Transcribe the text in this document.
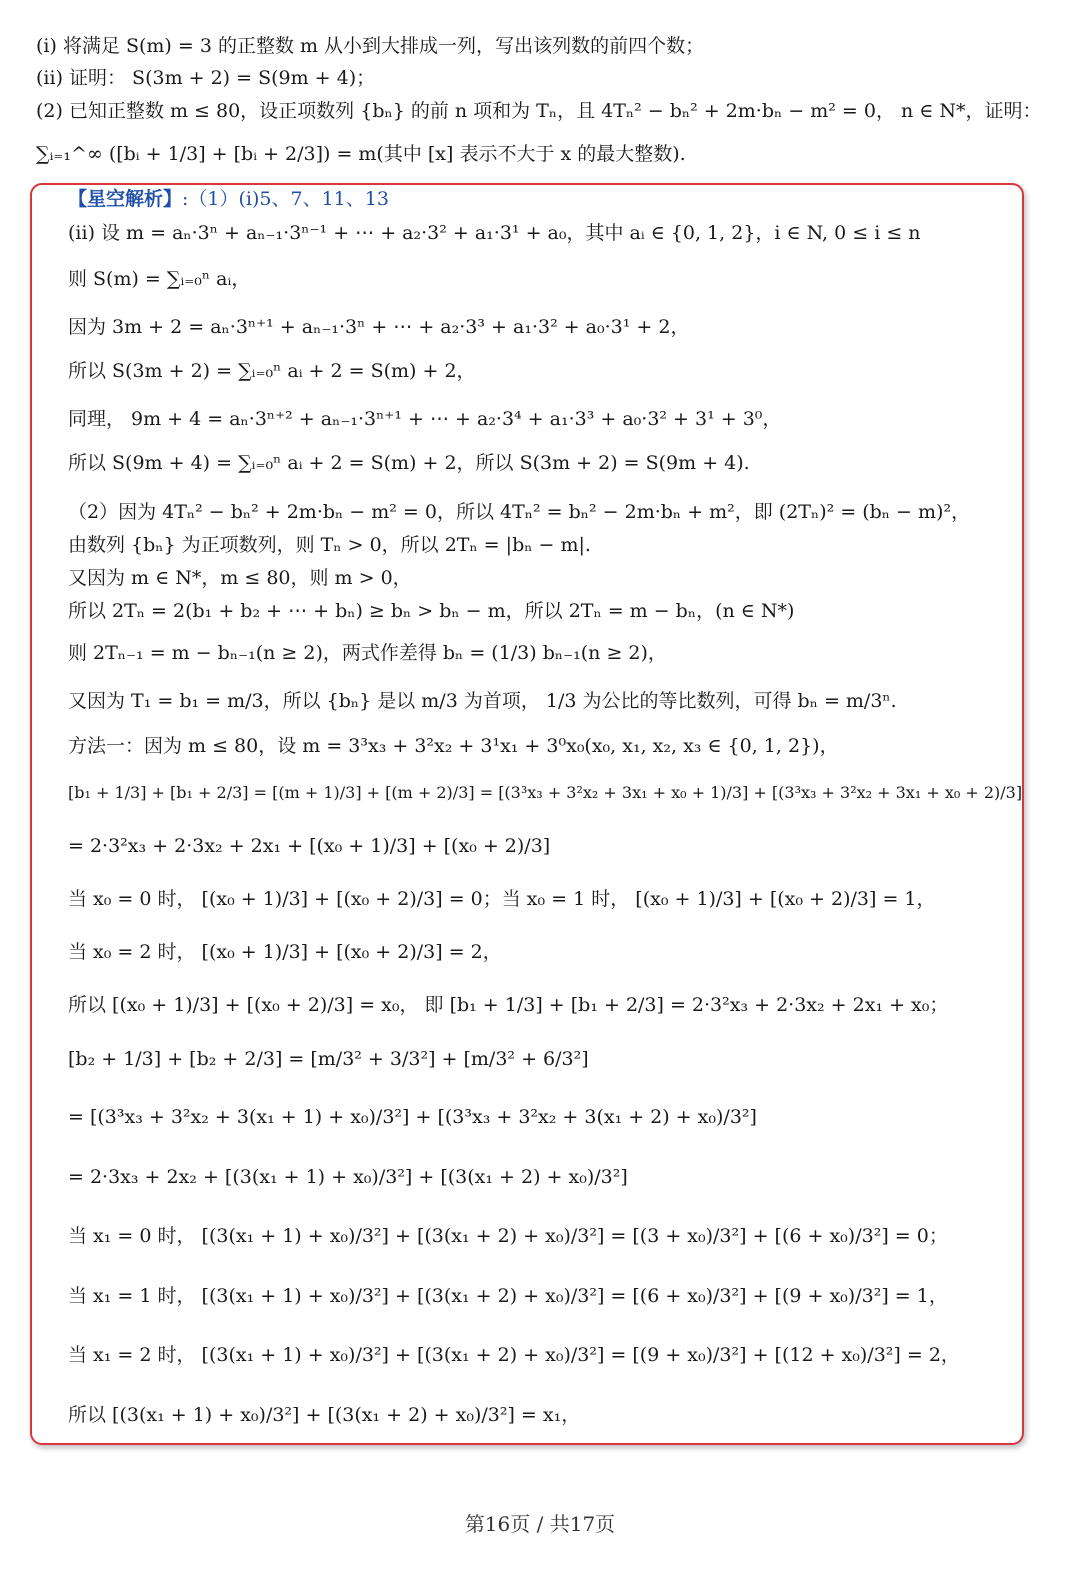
(i) 将满足 S(m) = 3 的正整数 m 从小到大排成一列，写出该列数的前四个数；
(ii) 证明： S(3m + 2) = S(9m + 4)；
(2) 已知正整数 m ≤ 80，设正项数列 {bₙ} 的前 n 项和为 Tₙ，且 4Tₙ² − bₙ² + 2m·bₙ − m² = 0， n ∈ N*，证明：
∑ᵢ₌₁^∞ ([bᵢ + 1/3] + [bᵢ + 2/3]) = m(其中 [x] 表示不大于 x 的最大整数).
【星空解析】:（1）(i)5、7、11、13
(ii) 设 m = aₙ·3ⁿ + aₙ₋₁·3ⁿ⁻¹ + ⋯ + a₂·3² + a₁·3¹ + a₀，其中 aᵢ ∈ {0, 1, 2}，i ∈ N, 0 ≤ i ≤ n
则 S(m) = ∑ᵢ₌₀ⁿ aᵢ，
因为 3m + 2 = aₙ·3ⁿ⁺¹ + aₙ₋₁·3ⁿ + ⋯ + a₂·3³ + a₁·3² + a₀·3¹ + 2，
所以 S(3m + 2) = ∑ᵢ₌₀ⁿ aᵢ + 2 = S(m) + 2，
同理， 9m + 4 = aₙ·3ⁿ⁺² + aₙ₋₁·3ⁿ⁺¹ + ⋯ + a₂·3⁴ + a₁·3³ + a₀·3² + 3¹ + 3⁰，
所以 S(9m + 4) = ∑ᵢ₌₀ⁿ aᵢ + 2 = S(m) + 2，所以 S(3m + 2) = S(9m + 4).
（2）因为 4Tₙ² − bₙ² + 2m·bₙ − m² = 0，所以 4Tₙ² = bₙ² − 2m·bₙ + m²，即 (2Tₙ)² = (bₙ − m)²，
由数列 {bₙ} 为正项数列，则 Tₙ > 0，所以 2Tₙ = |bₙ − m|.
又因为 m ∈ N*，m ≤ 80，则 m > 0，
所以 2Tₙ = 2(b₁ + b₂ + ⋯ + bₙ) ≥ bₙ > bₙ − m，所以 2Tₙ = m − bₙ，(n ∈ N*)
则 2Tₙ₋₁ = m − bₙ₋₁(n ≥ 2)，两式作差得 bₙ = (1/3) bₙ₋₁(n ≥ 2)，
又因为 T₁ = b₁ = m/3，所以 {bₙ} 是以 m/3 为首项， 1/3 为公比的等比数列，可得 bₙ = m/3ⁿ.
方法一：因为 m ≤ 80，设 m = 3³x₃ + 3²x₂ + 3¹x₁ + 3⁰x₀(x₀, x₁, x₂, x₃ ∈ {0, 1, 2})，
[b₁ + 1/3] + [b₁ + 2/3] = [(m + 1)/3] + [(m + 2)/3] = [(3³x₃ + 3²x₂ + 3x₁ + x₀ + 1)/3] + [(3³x₃ + 3²x₂ + 3x₁ + x₀ + 2)/3]
= 2·3²x₃ + 2·3x₂ + 2x₁ + [(x₀ + 1)/3] + [(x₀ + 2)/3]
当 x₀ = 0 时， [(x₀ + 1)/3] + [(x₀ + 2)/3] = 0；当 x₀ = 1 时， [(x₀ + 1)/3] + [(x₀ + 2)/3] = 1，
当 x₀ = 2 时， [(x₀ + 1)/3] + [(x₀ + 2)/3] = 2，
所以 [(x₀ + 1)/3] + [(x₀ + 2)/3] = x₀， 即 [b₁ + 1/3] + [b₁ + 2/3] = 2·3²x₃ + 2·3x₂ + 2x₁ + x₀；
[b₂ + 1/3] + [b₂ + 2/3] = [m/3² + 3/3²] + [m/3² + 6/3²]
= [(3³x₃ + 3²x₂ + 3(x₁ + 1) + x₀)/3²] + [(3³x₃ + 3²x₂ + 3(x₁ + 2) + x₀)/3²]
= 2·3x₃ + 2x₂ + [(3(x₁ + 1) + x₀)/3²] + [(3(x₁ + 2) + x₀)/3²]
当 x₁ = 0 时， [(3(x₁ + 1) + x₀)/3²] + [(3(x₁ + 2) + x₀)/3²] = [(3 + x₀)/3²] + [(6 + x₀)/3²] = 0；
当 x₁ = 1 时， [(3(x₁ + 1) + x₀)/3²] + [(3(x₁ + 2) + x₀)/3²] = [(6 + x₀)/3²] + [(9 + x₀)/3²] = 1，
当 x₁ = 2 时， [(3(x₁ + 1) + x₀)/3²] + [(3(x₁ + 2) + x₀)/3²] = [(9 + x₀)/3²] + [(12 + x₀)/3²] = 2，
所以 [(3(x₁ + 1) + x₀)/3²] + [(3(x₁ + 2) + x₀)/3²] = x₁，
第16页 / 共17页
